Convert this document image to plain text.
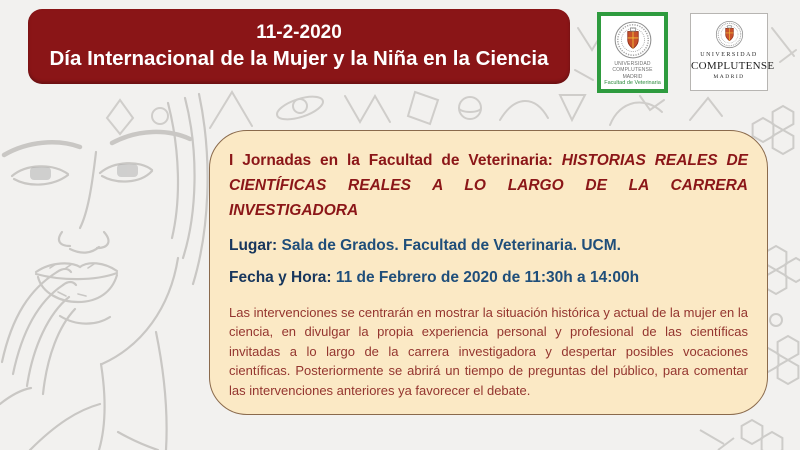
11-2-2020
Día Internacional de la Mujer y la Niña en la Ciencia	UNIVERSIDAD COMPLUTENSE
MADRID
Facultad de Veterinaria
UNIVERSIDAD
COMPLUTENSE
MADRID

I Jornadas en la Facultad de Veterinaria: HISTORIAS REALES DE CIENTÍFICAS REALES A LO LARGO DE LA CARRERA INVESTIGADORA

Lugar: Sala de Grados. Facultad de Veterinaria. UCM.

Fecha y Hora: 11 de Febrero de 2020 de 11:30h a 14:00h

Las intervenciones se centrarán en mostrar la situación histórica y actual de la mujer en la ciencia, en divulgar la propia experiencia personal y profesional de las científicas invitadas a lo largo de la carrera investigadora y despertar posibles vocaciones científicas. Posteriormente se abrirá un tiempo de preguntas del público, para comentar las intervenciones anteriores ya favorecer el debate.
